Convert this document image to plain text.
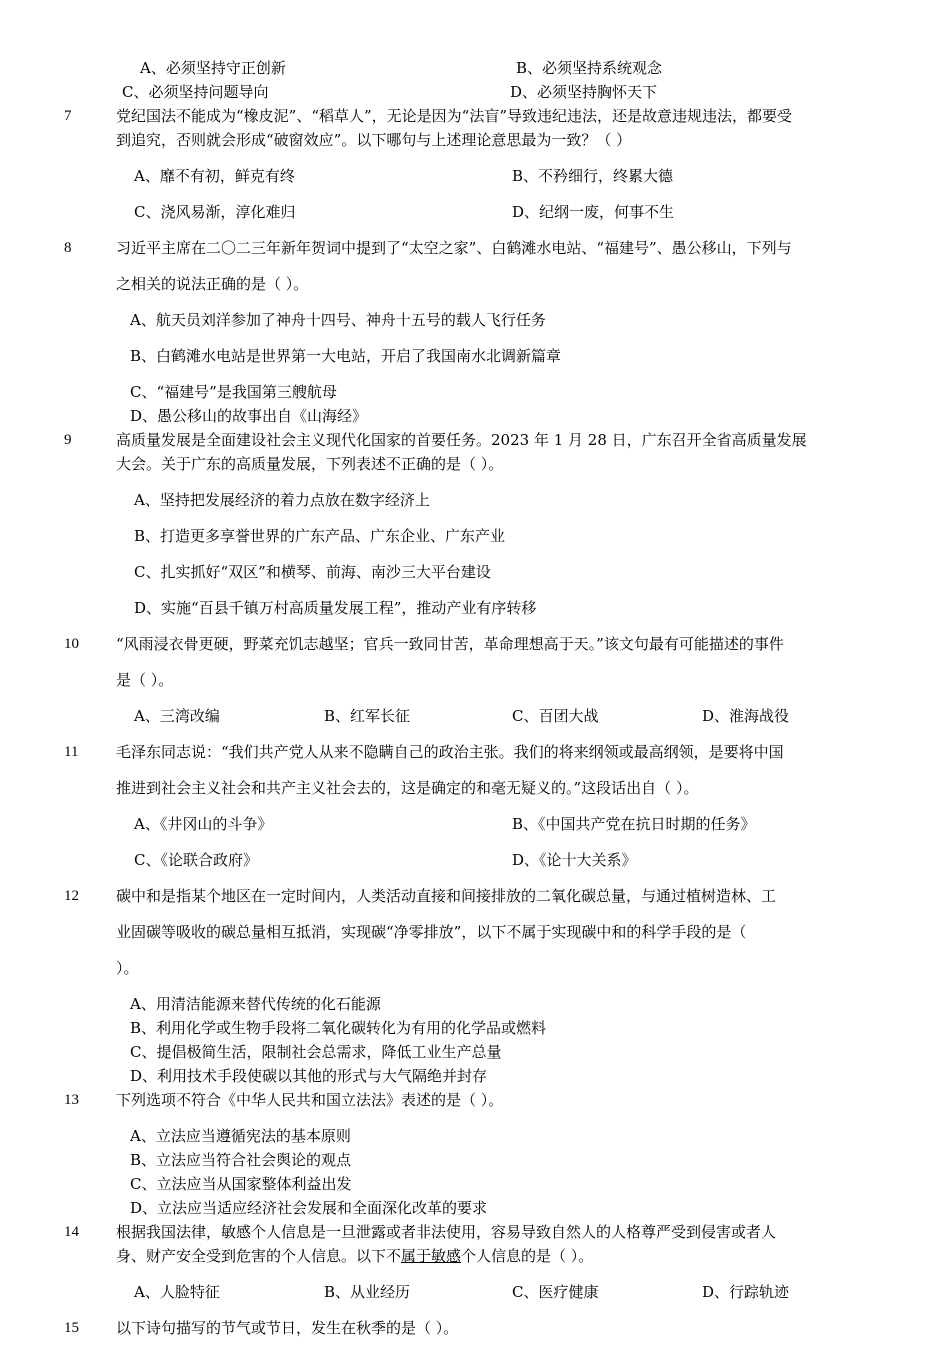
A、必须坚持守正创新	B、必须坚持系统观念
C、必须坚持问题导向	D、必须坚持胸怀天下
7	党纪国法不能成为“橡皮泥”、“稻草人”，无论是因为“法盲”导致违纪违法，还是故意违规违法，都要受
到追究，否则就会形成“破窗效应”。以下哪句与上述理论意思最为一致？（ ）
A、靡不有初，鲜克有终	B、不矜细行，终累大德
C、浇风易渐，淳化难归	D、纪纲一废，何事不生
8	习近平主席在二〇二三年新年贺词中提到了“太空之家”、白鹤滩水电站、“福建号”、愚公移山，下列与
之相关的说法正确的是（ ）。
A、航天员刘洋参加了神舟十四号、神舟十五号的载人飞行任务
B、白鹤滩水电站是世界第一大电站，开启了我国南水北调新篇章
C、“福建号”是我国第三艘航母
D、愚公移山的故事出自《山海经》
9	高质量发展是全面建设社会主义现代化国家的首要任务。2023 年 1 月 28 日，广东召开全省高质量发展
大会。关于广东的高质量发展，下列表述不正确的是（ ）。
A、坚持把发展经济的着力点放在数字经济上
B、打造更多享誉世界的广东产品、广东企业、广东产业
C、扎实抓好“双区”和横琴、前海、南沙三大平台建设
D、实施“百县千镇万村高质量发展工程”，推动产业有序转移
10 “风雨浸衣骨更硬，野菜充饥志越坚；官兵一致同甘苦，革命理想高于天。”该文句最有可能描述的事件
是（ ）。
A、三湾改编	B、红军长征	C、百团大战	D、淮海战役
11	毛泽东同志说：“我们共产党人从来不隐瞒自己的政治主张。我们的将来纲领或最高纲领，是要将中国
推进到社会主义社会和共产主义社会去的，这是确定的和毫无疑义的。”这段话出自（ ）。
A、《井冈山的斗争》	B、《中国共产党在抗日时期的任务》
C、《论联合政府》	D、《论十大关系》
12 碳中和是指某个地区在一定时间内，人类活动直接和间接排放的二氧化碳总量，与通过植树造林、工
业固碳等吸收的碳总量相互抵消，实现碳“净零排放”，以下不属于实现碳中和的科学手段的是（
）。
A、用清洁能源来替代传统的化石能源
B、利用化学或生物手段将二氧化碳转化为有用的化学品或燃料
C、提倡极简生活，限制社会总需求，降低工业生产总量
D、利用技术手段使碳以其他的形式与大气隔绝并封存
13 下列选项不符合《中华人民共和国立法法》表述的是（ ）。
A、立法应当遵循宪法的基本原则
B、立法应当符合社会舆论的观点
C、立法应当从国家整体利益出发
D、立法应当适应经济社会发展和全面深化改革的要求
14 根据我国法律，敏感个人信息是一旦泄露或者非法使用，容易导致自然人的人格尊严受到侵害或者人
身、财产安全受到危害的个人信息。以下不属于敏感个人信息的是（ ）。
A、人脸特征	B、从业经历	C、医疗健康	D、行踪轨迹
15 以下诗句描写的节气或节日，发生在秋季的是（ ）。
